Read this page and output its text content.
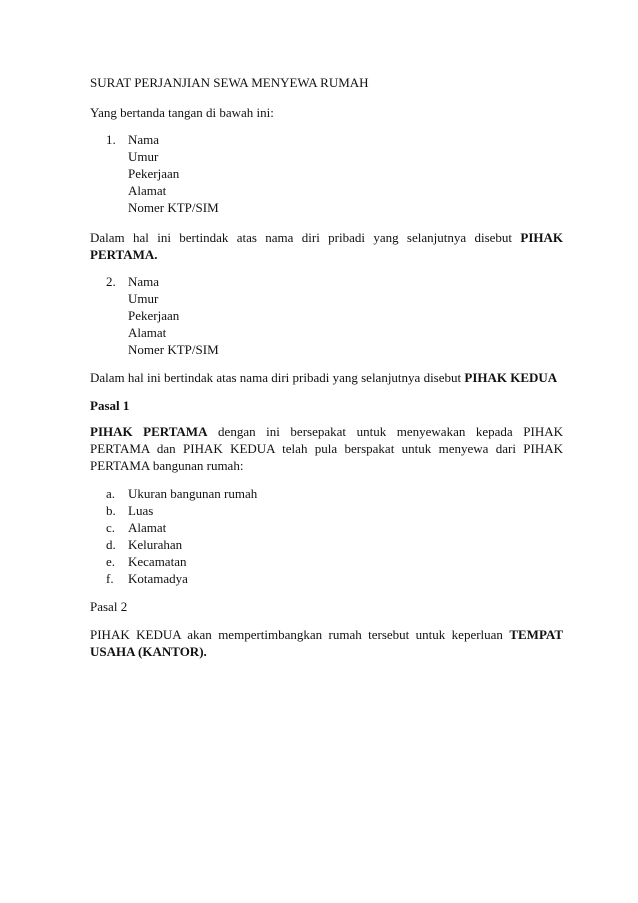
SURAT PERJANJIAN SEWA MENYEWA RUMAH
Yang bertanda tangan di bawah ini:
1. Nama
Umur
Pekerjaan
Alamat
Nomer KTP/SIM
Dalam hal ini bertindak atas nama diri pribadi yang selanjutnya disebut PIHAK
PERTAMA.
2. Nama
Umur
Pekerjaan
Alamat
Nomer KTP/SIM
Dalam hal ini bertindak atas nama diri pribadi yang selanjutnya disebut PIHAK KEDUA
Pasal 1
PIHAK PERTAMA dengan ini bersepakat untuk menyewakan kepada PIHAK
PERTAMA dan PIHAK KEDUA telah pula berspakat untuk menyewa dari PIHAK
PERTAMA bangunan rumah:
a. Ukuran bangunan rumah
b. Luas
c. Alamat
d. Kelurahan
e. Kecamatan
f. Kotamadya
Pasal 2
PIHAK KEDUA akan mempertimbangkan rumah tersebut untuk keperluan TEMPAT
USAHA (KANTOR).
